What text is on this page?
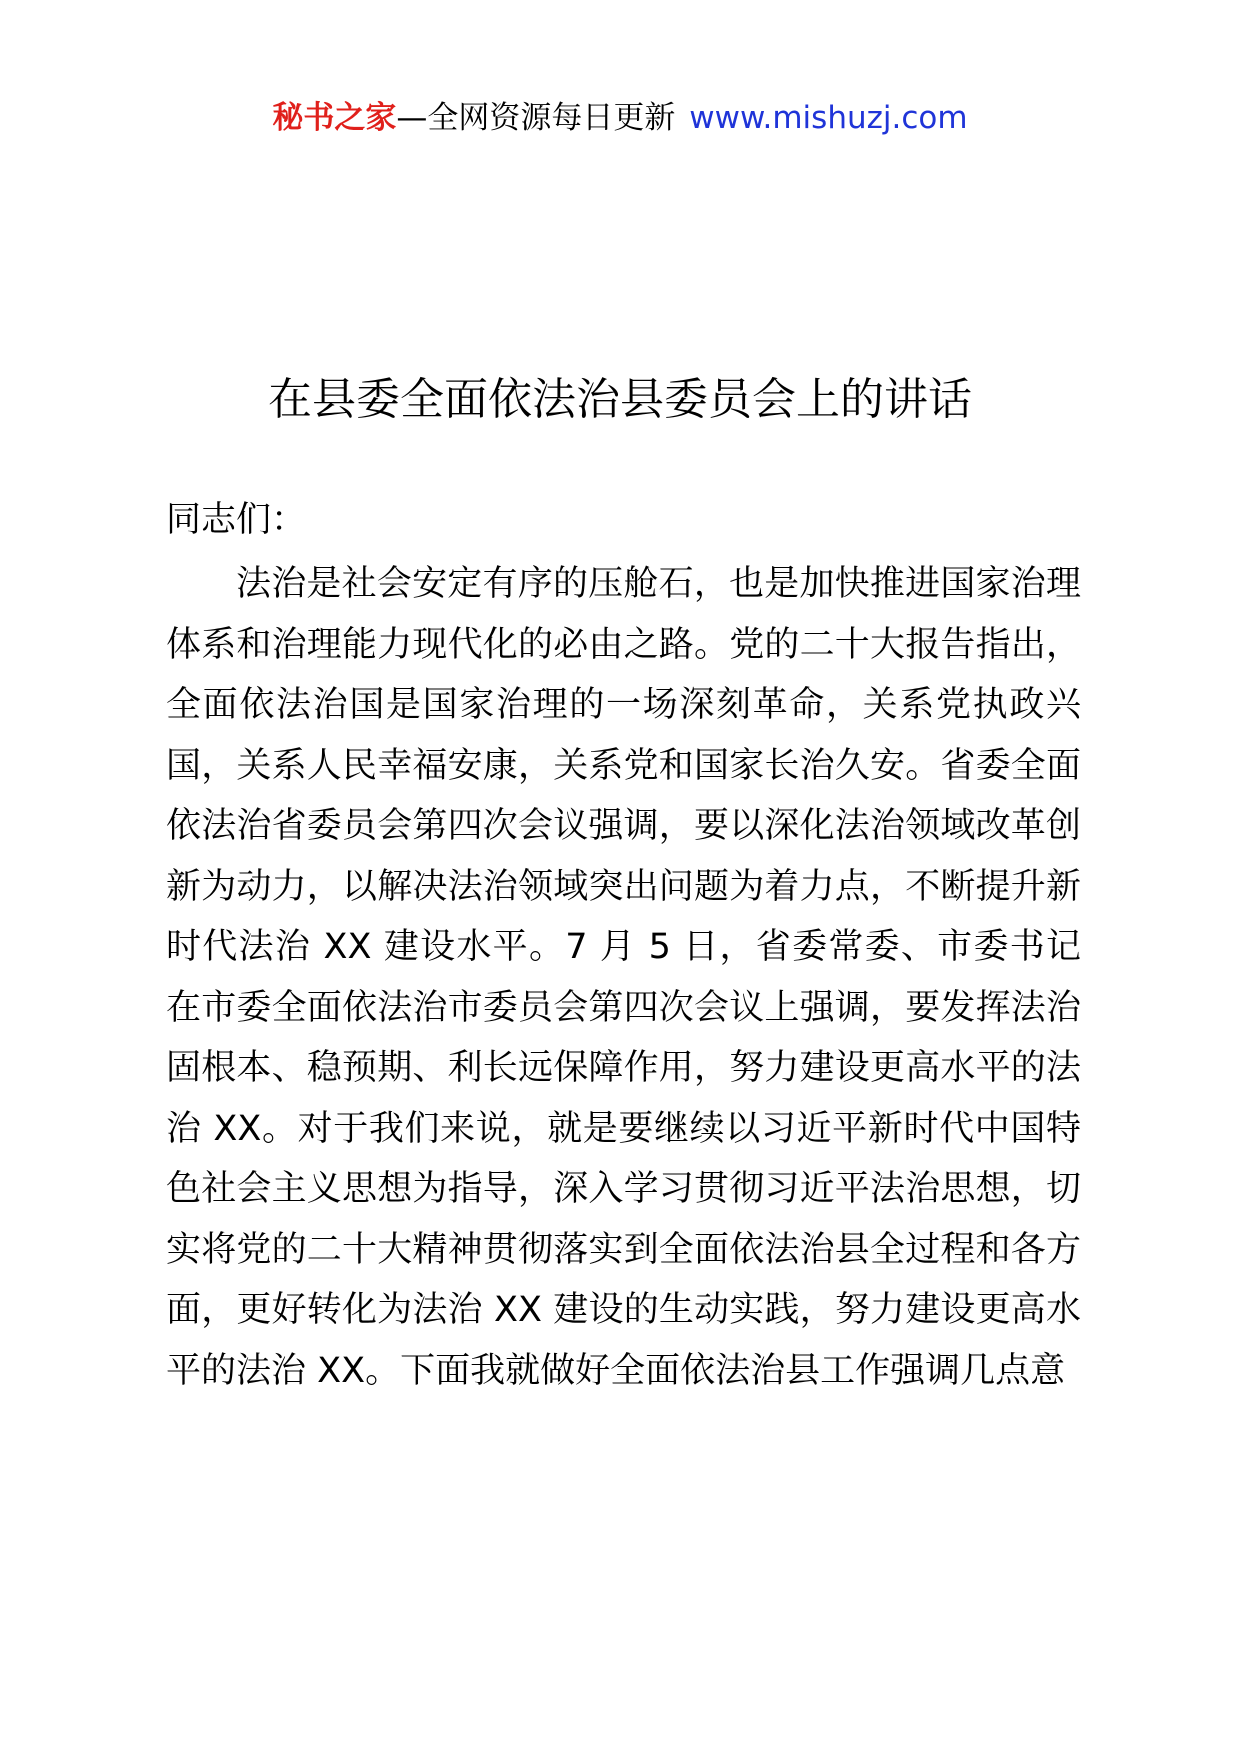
秘书之家—全网资源每日更新 www.mishuzj.com
在县委全面依法治县委员会上的讲话
同志们：

法治是社会安定有序的压舱石，也是加快推进国家治理体系和治理能力现代化的必由之路。党的二十大报告指出，全面依法治国是国家治理的一场深刻革命，关系党执政兴国，关系人民幸福安康，关系党和国家长治久安。省委全面依法治省委员会第四次会议强调，要以深化法治领域改革创新为动力，以解决法治领域突出问题为着力点，不断提升新时代法治 XX 建设水平。7 月 5 日，省委常委、市委书记在市委全面依法治市委员会第四次会议上强调，要发挥法治固根本、稳预期、利长远保障作用，努力建设更高水平的法治 XX。对于我们来说，就是要继续以习近平新时代中国特色社会主义思想为指导，深入学习贯彻习近平法治思想，切实将党的二十大精神贯彻落实到全面依法治县全过程和各方面，更好转化为法治 XX 建设的生动实践，努力建设更高水平的法治 XX。下面我就做好全面依法治县工作强调几点意
